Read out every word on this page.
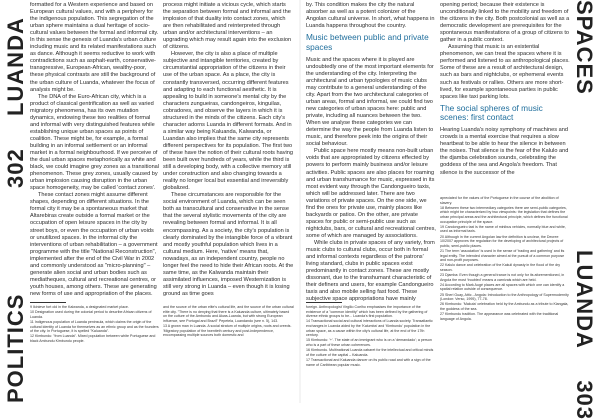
302  LUANDA
POLITICS
SPACES
LUANDA  303

formatted for a Western experience and based on European cultural values, and with a periphery for the indigenous population. This segregation of the urban sphere maintains a dual heritage of socio-cultural values between the formal and informal city. In this sense the genesis of Luanda's urban culture including music and its related manifestations such as dance. Although it seems reductive to work with contradictions such as asphalt-earth, conservative-transgressive, European-African, wealthy-poor, these physical contrasts are still the background of the urban culture of Luanda, whatever the focus of analysis might be.

The DNA of the Euro-African city, which is a product of classical gentrification as well as varied migratory phenomena, has its own mutation dynamics, endowing these two realities of formal and informal with very distinguished features while establishing unique urban spaces as points of coalition. These might be, for example, a formal building in an informal settlement or an informal market in a formal neighbourhood. If we perceive of the dual urban spaces metaphorically as white and black, we could imagine grey zones as a transitional phenomenon. These grey zones, usually caused by urban implosion causing disruption in the urban space homogeneity, may be called 'contact zones'.

These contact zones might assume different shapes, depending on different situations. In the formal city it may be a spontaneous market that Altarebiras create outside a formal market or the occupation of open leisure spaces in the city by street boys, or even the occupation of urban voids or unutilized spaces. In the informal city the interventions of urban rehabilitation – a government programme with the title "National Reconstruction", implemented after the end of the Civil War in 2002 and commonly understood as "micro-planning" – generate alien social and urban bodies such as mediatheques, cultural and recreational centres, or youth houses, among others. These are generating new forms of use and appropriation of the places.

process might initiate a vicious cycle, which starts the separation between formal and informal and the implosion of that duality into contact zones, which are then rehabilitated and reinterpreted through urban and/or architectural interventions – an upgrading which may result again into the exclusion of citizens.

However, the city is also a place of multiple subjective and intangible territories, created by circumstantial appropriation of the citizens in their use of the urban space. As a place, the city is constantly transversed, occurring different features and adapting to each functional aesthetic. It is appealing to build in someone's mental city by the characters zungueiras, candongeiros, kinguilas, cobradores, and observe the layers in which it is structured in the minds of the citizens. Each city's character adorns Luanda in different formats. And in a similar way being Kaluanda, Kalwanda, or Luandan also implies that the same city represents different perspectives for its population. The first two of these have the notion of their cultural roots having been built over hundreds of years, while the third is still a developing body, with a collective memory still under construction and also changing towards a reality no longer local but essential and irreversibly globalized.

These circumstances are responsible for the social environment of Luanda, which can be seen both as transcultural and conservative in the sense that the several stylistic movements of the city are revealing between formal and informal. It is all encompassing. As a society, the city's population is clearly dominated by the intangible force of a vibrant and mostly youthful population which lives in a cultural medium. Here, 'native' means that, nowadays, as an independent country, people no longer feel the need to hide their African roots. At the same time, as the Kalwanda maintain their assimilated influences, imposed Westernization is still very strong in Luanda – even though it is losing ground as time goes

9 Ikinieve fort old in the Kalwanda, a designated market place.

10 Designation used during the colonial period to describe African citizens of Luanda.

11 Indigenous population of Luanda peninsula, which claims the origin of the cultural identity of Luanda for themselves as an ethnic group and as the founders of the city. In Portuguese, it is spelled "Kaluanda".

12 Kimbundu: "from Luanda". Mixed population between white Portuguese and black Ambundu Kimbundu people.

and the source of the urban elite's cultural life, and the source of the urban cultural elite city. "There is no denying that there is a Kaluanda culture, ultimately based on the culture of the Ambundu and Akwa-Luanda, but with strong European influence, see Portugal and Brazil" Pepetela, Luandando (see n. 5), 143.

13 A grown man in Luanda. A social stratum of multiple origins, roots and creeds. 'Migratory population of the twentieth century and post-independence, encompassing multiple sources both domestic and

by. This condition makes the city the natural absorber as well as a potent colonizer of the Angolan cultural universe. In short, what happens in Luanda happens throughout the country.

Music between public and private spaces

Music and the spaces where it is played are undoubtedly one of the most important elements for the understanding of the city. Interpreting the architectural and urban typologies of music clubs may contribute to a general understanding of the city. Apart from the two architectural categories of urban areas, formal and informal, we could find two new categories of urban spaces here: public and private, including all nuances between the two. When we analyse these categories we can determine the way the people from Luanda listen to music, and therefore peek into the origins of their social behaviour.

Public space here mostly means non-built urban voids that are appropriated by citizens effected by powers to perform mainly business and/or leisure activities. Public spaces are also places for roaming and urban transhumance for music, expressed in its most evident way through the Candongueiro taxis, which will be addressed later. There are two variations of private spaces. On the one side, we find the ones for private use, mainly places like backyards or patios. On the other, are private spaces for public or semi-public use such as nightclubs, bars, or cultural and recreational centres, some of which are managed by associations.

While clubs in private spaces of any variety, from music clubs to cultural clubs, occur both in formal and informal contexts regardless of the patrons' living standard, clubs in public spaces exist predominantly in contact zones. These are mostly dissonant, due to the transhumant characteristic of their definers and users, for example Candongueiro taxis and also mobile selling fast food. These subjective space appropriations have mainly

opening period; because their existence is unconditionally linked to the mobility and freedom of the citizens in the city. Both postcolonial as well as a democratic development are prerequisites for the spontaneous manifestations of a group of citizens to gather in a public context.

Assuming that music is an existential phenomenon, we can treat the spaces where it is performed and listened to as anthropological places. Some of these are a result of architectural design, such as bars and nightclubs, or ephemeral events such as festivals or rallies. Others are more short-lived, for example spontaneous parties in public spaces like taxi parking lots.

The social spheres of music scenes: first contact

Hearing Luanda's noisy symphony of machines and crowds is a mental exercise that requires a slow heartbeat to be able to hear the silence in between the noises. That silence is the fear of the Kalulo and the djamba celebration sounds, celebrating the goddess of the sea and Angola's freedom. That silence is the successor of the

foreign. Anthropologist Virgilio Coelho emphasises the importance of the existence of a "common identity" which has been defined by the gathering of diverse ethnic groups to be... Luanda's first population.

14 Transactional social and cultural interactions of Luanda society. Transatlantic exchanges in Luanda aided by the 'Kalumba' and 'Kimbundu' population in the urban space, as a cause within the city's cultural life, at the end of the 17th century.

15 Kimbundu: '+'. The state of an immigrant who is on a 'demandado'; a person who is a part of these urban coherences.

16 Kimbundu. Multinational Luanda cabaret for the intellectual and critical minds of the culture of the capital – Kaluanda.

17 Transactional and Kaluanda dancer on its public road and with a sign of the name of Caribbean popular music.

apreciated for the values of the Portuguese in the course of the abolition of slavery.

18 Between these two intermediary categories there are semi-public categories, which might be characterized by two viewpoints: the legislation that defines the urban principal areas and the architectural principle, which defines the functional occupation principle of the space.

19 Candongueiro taxi is the name of minibus vehicles, normally blue and white, used as informal taxis.

20 Although in the current Angolan law the definition is unclear, the Decree 10/2007 approves the regulation for the developing of architectural projects of public, semi-public places.

21 The term 'association' is used in the sense of 'trading and gathering' and its legal entity. The intended character aimed at the pursuit of a common purpose and non-profit purposes.

22 Kalulo dance and celebration of the Kakuli dynasty in the flood of the dry season.

23 Djamba: Even though a general trance is not only for its aforementioned, in Angola the most 'troubled' means a carnivals which are held.

24 According to Mark Augé places are all spaces with which one can identify a spatial relation outside of consequence.

25 Sheri Guay, Attic - Angola: Introduction to the Anthropology of Supermodernity (London: Verso, 1995), 77-78.

26 Kimbundu: 'Makuta' celebration held by the Ambundu as a tribute to Kiangala, the goddess of the sea.

27 Kimbundu tradition. The appearance was celebrated with the traditional language of Angola.
